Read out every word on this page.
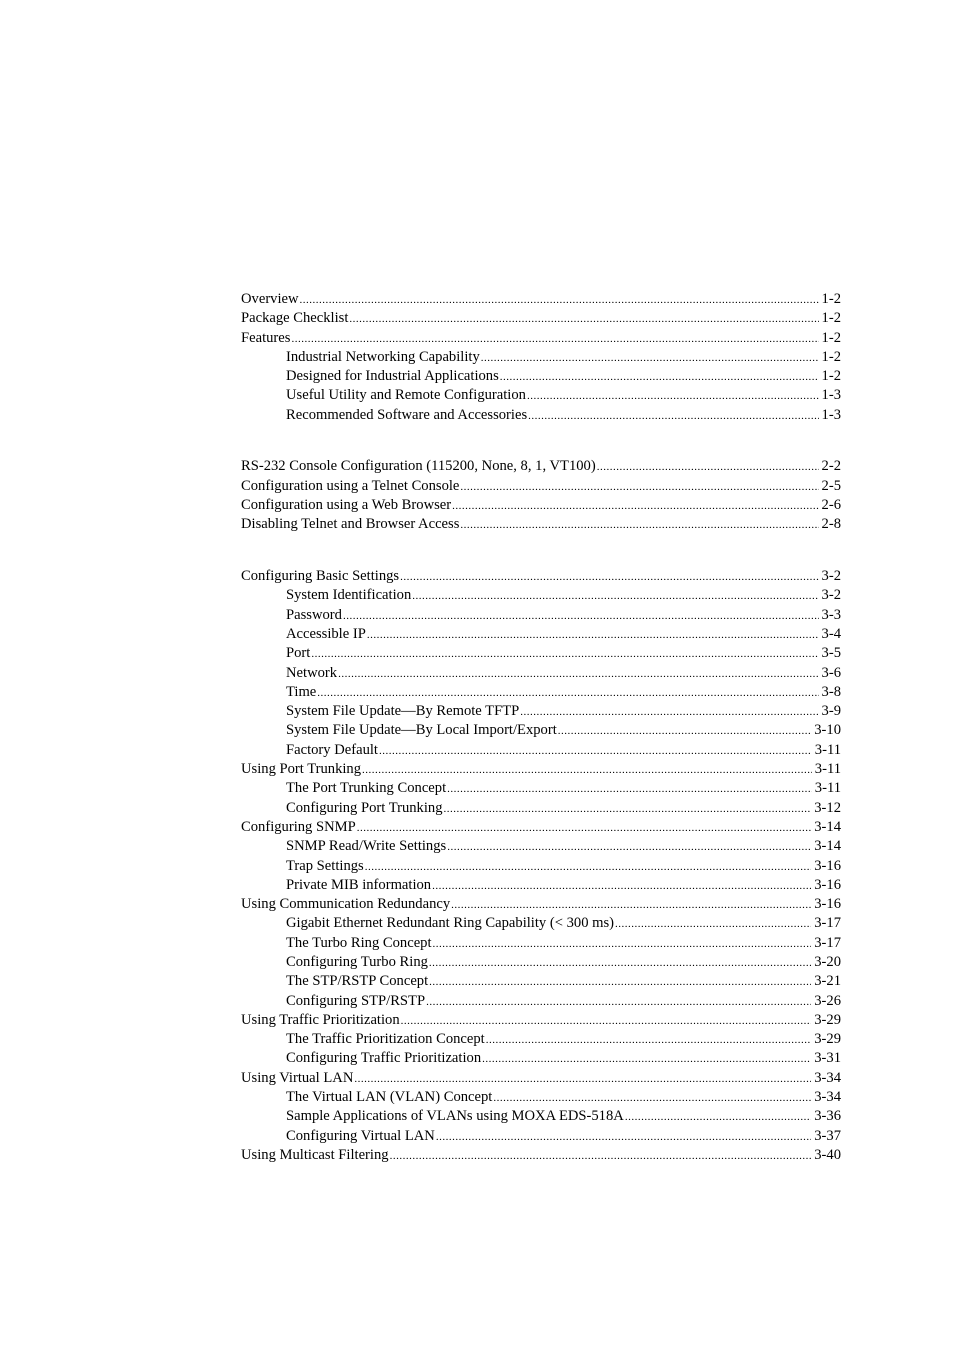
Overview .....	1-2
Package Checklist .....	1-2
Features .....	1-2
Industrial Networking Capability .....	1-2
Designed for Industrial Applications .....	1-2
Useful Utility and Remote Configuration .....	1-3
Recommended Software and Accessories .....	1-3
RS-232 Console Configuration (115200, None, 8, 1, VT100) .....	2-2
Configuration using a Telnet Console .....	2-5
Configuration using a Web Browser .....	2-6
Disabling Telnet and Browser Access .....	2-8
Configuring Basic Settings .....	3-2
System Identification .....	3-2
Password .....	3-3
Accessible IP .....	3-4
Port .....	3-5
Network .....	3-6
Time .....	3-8
System File Update—By Remote TFTP .....	3-9
System File Update—By Local Import/Export .....	3-10
Factory Default .....	3-11
Using Port Trunking .....	3-11
The Port Trunking Concept .....	3-11
Configuring Port Trunking .....	3-12
Configuring SNMP .....	3-14
SNMP Read/Write Settings .....	3-14
Trap Settings .....	3-16
Private MIB information .....	3-16
Using Communication Redundancy .....	3-16
Gigabit Ethernet Redundant Ring Capability (< 300 ms) .....	3-17
The Turbo Ring Concept .....	3-17
Configuring Turbo Ring .....	3-20
The STP/RSTP Concept .....	3-21
Configuring STP/RSTP .....	3-26
Using Traffic Prioritization .....	3-29
The Traffic Prioritization Concept .....	3-29
Configuring Traffic Prioritization .....	3-31
Using Virtual LAN .....	3-34
The Virtual LAN (VLAN) Concept .....	3-34
Sample Applications of VLANs using MOXA EDS-518A .....	3-36
Configuring Virtual LAN .....	3-37
Using Multicast Filtering .....	3-40
